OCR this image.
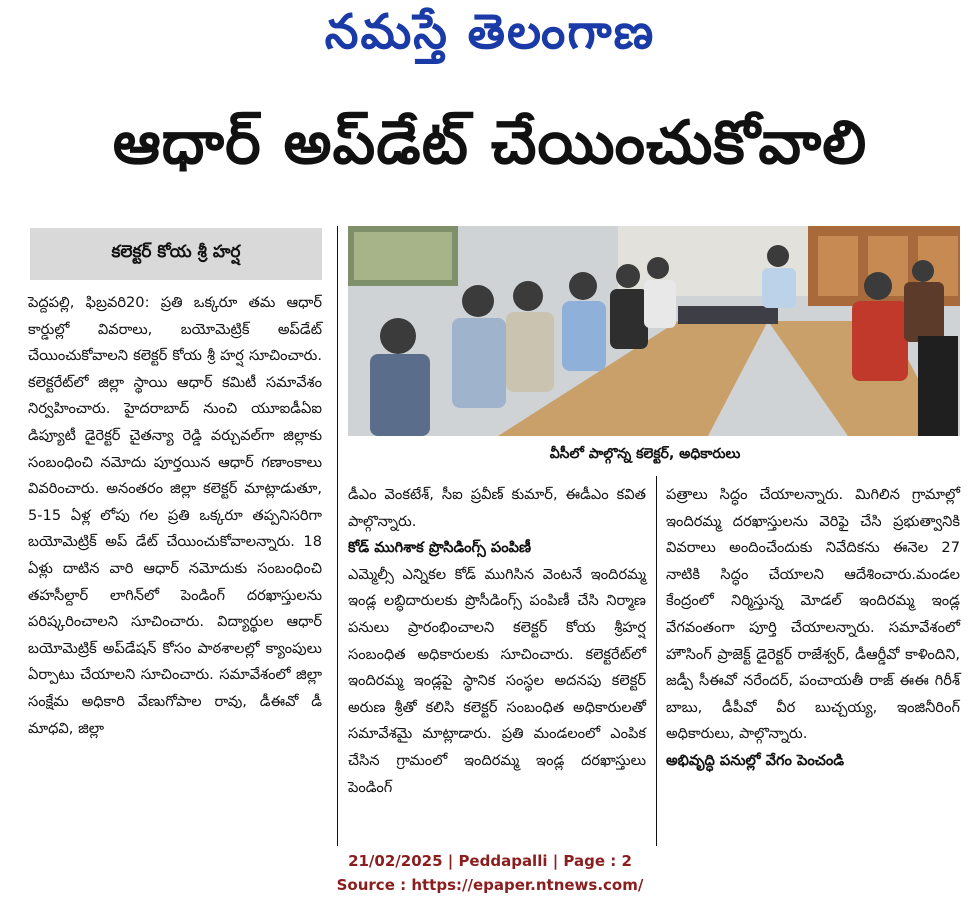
నమస్తే తెలంగాణ
ఆధార్ అప్‌డేట్ చేయించుకోవాలి
కలెక్టర్ కోయ శ్రీ హర్ష
వీసీలో పాల్గొన్న కలెక్టర్, అధికారులు

పెద్దపల్లి, ఫిబ్రవరి20: ప్రతి ఒక్కరూ తమ ఆధార్ కార్డుల్లో వివరాలు, బయోమెట్రిక్ అప్‌డేట్ చేయించుకోవాలని కలెక్టర్ కోయ శ్రీ హర్ష సూచించారు. కలెక్టరేట్‌లో జిల్లా స్థాయి ఆధార్ కమిటీ సమావేశం నిర్వహించారు. హైదరాబాద్ నుంచి యూఐడీఏఐ డిప్యూటీ డైరెక్టర్ చైతన్యా రెడ్డి వర్చువల్‌గా జిల్లాకు సంబంధించి నమోదు పూర్తయిన ఆధార్ గణాంకాలు వివరించారు. అనంతరం జిల్లా కలెక్టర్ మాట్లాడుతూ, 5-15 ఏళ్ల లోపు గల ప్రతి ఒక్కరూ తప్పనిసరిగా బయోమెట్రిక్ అప్ డేట్ చేయించుకోవాలన్నారు. 18 ఏళ్లు దాటిన వారి ఆధార్ నమోదుకు సంబంధించి తహసీల్దార్ లాగిన్‌లో పెండింగ్ దరఖాస్తులను పరిష్కరించాలని సూచించారు. విద్యార్థుల ఆధార్ బయోమెట్రిక్ అప్‌డేషన్ కోసం పాఠశాలల్లో క్యాంపులు ఏర్పాటు చేయాలని సూచించారు. సమావేశంలో జిల్లా సంక్షేమ అధికారి వేణుగోపాల రావు, డీఈవో డీ మాధవి, జిల్లా

డీఎం వెంకటేశ్, సీఐ ప్రవీణ్ కుమార్, ఈడీఎం కవిత పాల్గొన్నారు.

కోడ్ ముగిశాక ప్రొసిడింగ్స్ పంపిణీ

ఎమ్మెల్సీ ఎన్నికల కోడ్ ముగిసిన వెంటనే ఇందిరమ్మ ఇండ్ల లబ్ధిదారులకు ప్రొసీడింగ్స్ పంపిణీ చేసి నిర్మాణ పనులు ప్రారంభించాలని కలెక్టర్ కోయ శ్రీహర్ష సంబంధిత అధికారులకు సూచించారు. కలెక్టరేట్‌లో ఇందిరమ్మ ఇండ్లపై స్థానిక సంస్థల అదనపు కలెక్టర్ అరుణ శ్రీతో కలిసి కలెక్టర్ సంబంధిత అధికారులతో సమావేశమై మాట్లాడారు. ప్రతి మండలంలో ఎంపిక చేసిన గ్రామంలో ఇందిరమ్మ ఇండ్ల దరఖాస్తులు పెండింగ్

పత్రాలు సిద్ధం చేయాలన్నారు. మిగిలిన గ్రామాల్లో ఇందిరమ్మ దరఖాస్తులను వెరిఫై చేసి ప్రభుత్వానికి వివరాలు అందించేందుకు నివేదికను ఈనెల 27 నాటికి సిద్ధం చేయాలని ఆదేశించారు.మండల కేంద్రంలో నిర్మిస్తున్న మోడల్ ఇందిరమ్మ ఇండ్ల వేగవంతంగా పూర్తి చేయాలన్నారు. సమావేశంలో హౌసింగ్ ప్రాజెక్ట్ డైరెక్టర్ రాజేశ్వర్, డీఆర్డీవో కాళిందిని, జడ్పీ సీఈవో నరేందర్, పంచాయతీ రాజ్ ఈఈ గిరీశ్ బాబు, డీపీవో వీర బుచ్చయ్య, ఇంజినీరింగ్ అధికారులు, పాల్గొన్నారు.

అభివృద్ధి పనుల్లో వేగం పెంచండి
21/02/2025 | Peddapalli | Page : 2
Source : https://epaper.ntnews.com/
